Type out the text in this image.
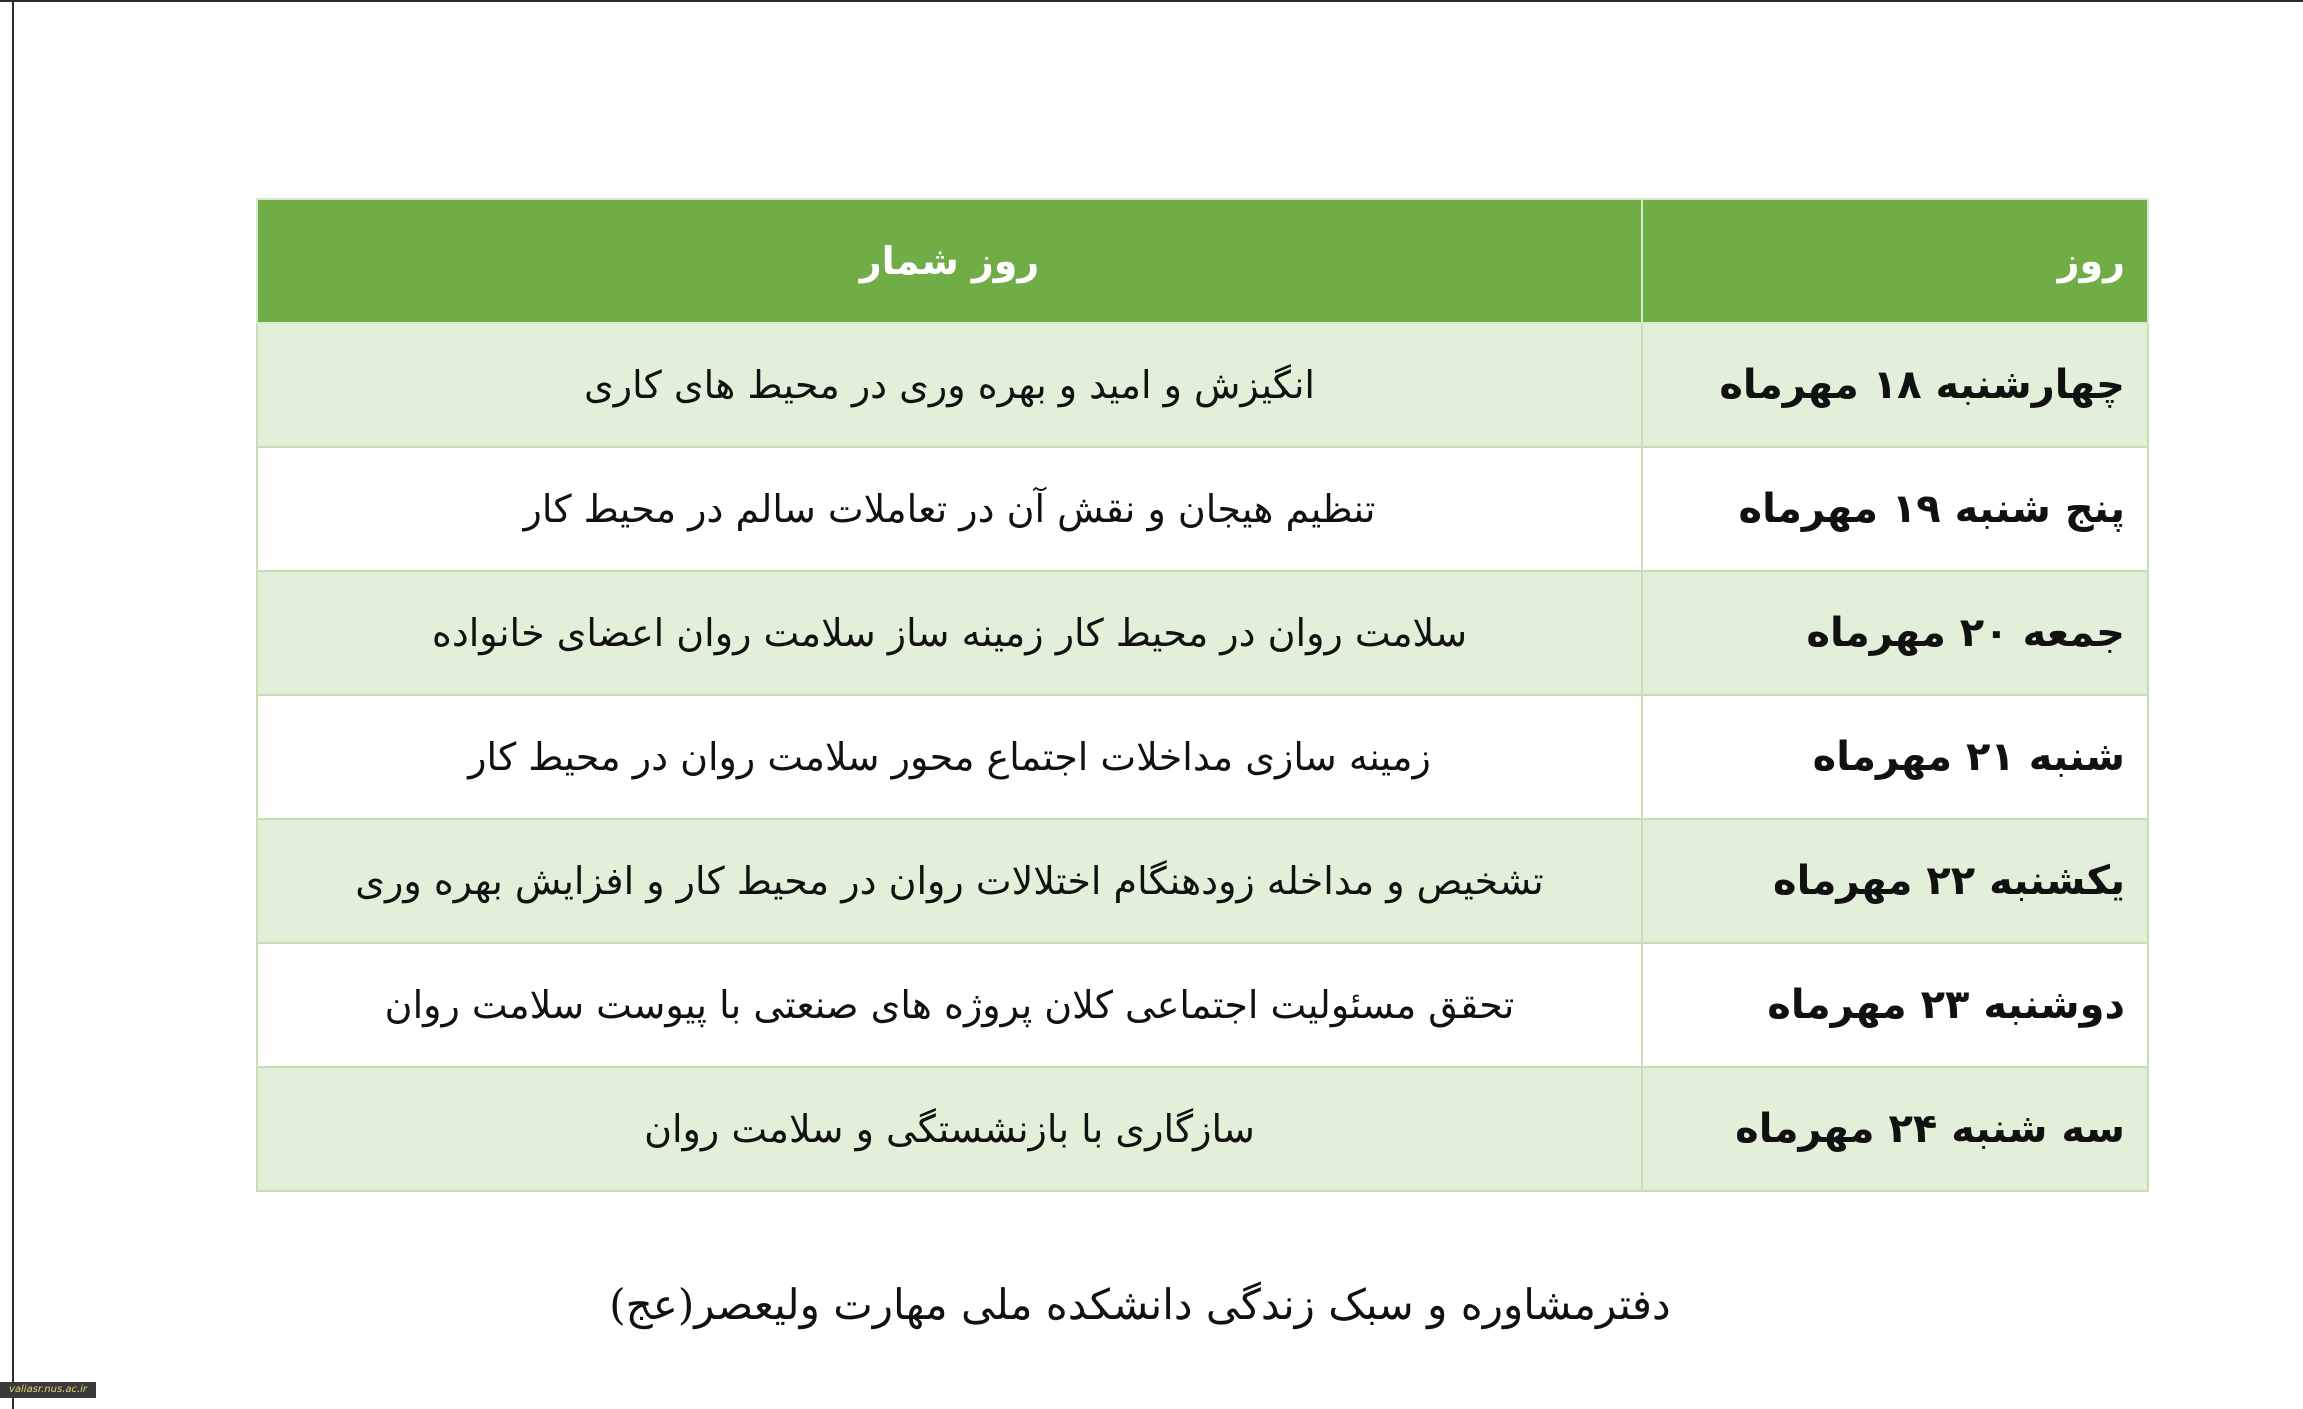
روز	روز شمار
چهارشنبه ۱۸ مهرماه	انگیزش و امید و بهره وری در محیط های کاری
پنج شنبه ۱۹ مهرماه	تنظیم هیجان و نقش آن در تعاملات سالم در محیط کار
جمعه ۲۰ مهرماه	سلامت روان در محیط کار زمینه ساز سلامت روان اعضای خانواده
شنبه ۲۱ مهرماه	زمینه سازی مداخلات اجتماع محور سلامت روان در محیط کار
یکشنبه ۲۲ مهرماه	تشخیص و مداخله زودهنگام اختلالات روان در محیط کار و افزایش بهره وری
دوشنبه ۲۳ مهرماه	تحقق مسئولیت اجتماعی کلان پروژه های صنعتی با پیوست سلامت روان
سه شنبه ۲۴ مهرماه	سازگاری با بازنشستگی و سلامت روان
دفترمشاوره و سبک زندگی دانشکده ملی مهارت ولیعصر(عج)
valiasr.nus.ac.ir
